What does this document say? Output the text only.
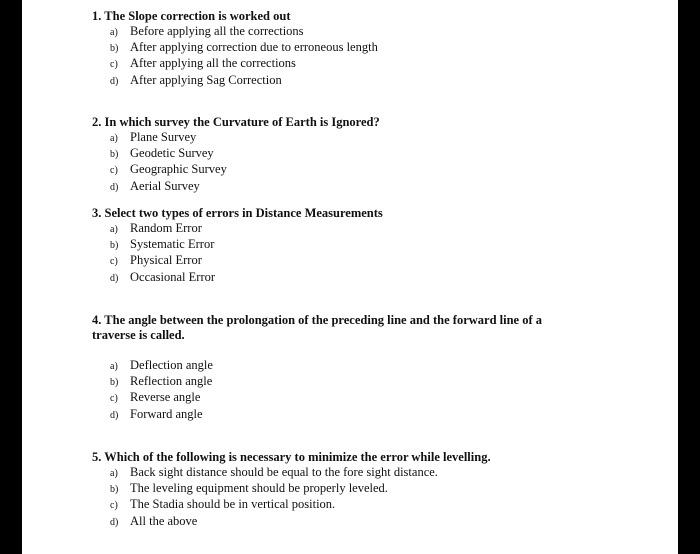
1. The Slope correction is worked out

a) Before applying all the corrections
b) After applying correction due to erroneous length
c) After applying all the corrections
d) After applying Sag Correction

2. In which survey the Curvature of Earth is Ignored?

a) Plane Survey
b) Geodetic Survey
c) Geographic Survey
d) Aerial Survey

3. Select two types of errors in Distance Measurements

a) Random Error
b) Systematic Error
c) Physical Error
d) Occasional Error

4. The angle between the prolongation of the preceding line and the forward line of a
traverse is called.

a) Deflection angle
b) Reflection angle
c) Reverse angle
d) Forward angle

5. Which of the following is necessary to minimize the error while levelling.

a) Back sight distance should be equal to the fore sight distance.
b) The leveling equipment should be properly leveled.
c) The Stadia should be in vertical position.
d) All the above
